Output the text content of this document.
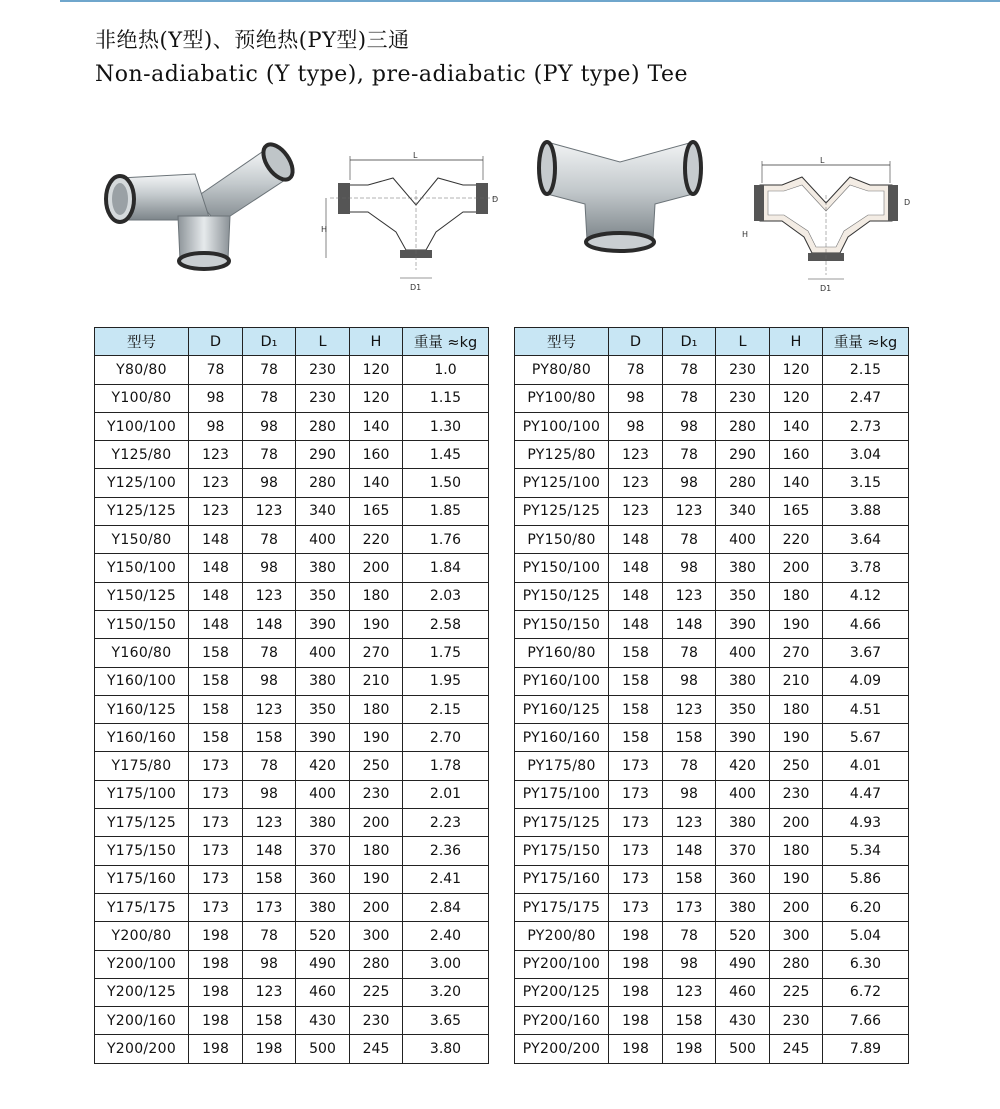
非绝热(Y型)、预绝热(PY型)三通
Non-adiabatic (Y type), pre-adiabatic (PY type) Tee
L
H
D
D1
L
D
H
D1
型号	D	D₁	L	H	重量 ≈kg
Y80/80	78	78	230	120	1.0
Y100/80	98	78	230	120	1.15
Y100/100	98	98	280	140	1.30
Y125/80	123	78	290	160	1.45
Y125/100	123	98	280	140	1.50
Y125/125	123	123	340	165	1.85
Y150/80	148	78	400	220	1.76
Y150/100	148	98	380	200	1.84
Y150/125	148	123	350	180	2.03
Y150/150	148	148	390	190	2.58
Y160/80	158	78	400	270	1.75
Y160/100	158	98	380	210	1.95
Y160/125	158	123	350	180	2.15
Y160/160	158	158	390	190	2.70
Y175/80	173	78	420	250	1.78
Y175/100	173	98	400	230	2.01
Y175/125	173	123	380	200	2.23
Y175/150	173	148	370	180	2.36
Y175/160	173	158	360	190	2.41
Y175/175	173	173	380	200	2.84
Y200/80	198	78	520	300	2.40
Y200/100	198	98	490	280	3.00
Y200/125	198	123	460	225	3.20
Y200/160	198	158	430	230	3.65
Y200/200	198	198	500	245	3.80
型号	D	D₁	L	H	重量 ≈kg
PY80/80	78	78	230	120	2.15
PY100/80	98	78	230	120	2.47
PY100/100	98	98	280	140	2.73
PY125/80	123	78	290	160	3.04
PY125/100	123	98	280	140	3.15
PY125/125	123	123	340	165	3.88
PY150/80	148	78	400	220	3.64
PY150/100	148	98	380	200	3.78
PY150/125	148	123	350	180	4.12
PY150/150	148	148	390	190	4.66
PY160/80	158	78	400	270	3.67
PY160/100	158	98	380	210	4.09
PY160/125	158	123	350	180	4.51
PY160/160	158	158	390	190	5.67
PY175/80	173	78	420	250	4.01
PY175/100	173	98	400	230	4.47
PY175/125	173	123	380	200	4.93
PY175/150	173	148	370	180	5.34
PY175/160	173	158	360	190	5.86
PY175/175	173	173	380	200	6.20
PY200/80	198	78	520	300	5.04
PY200/100	198	98	490	280	6.30
PY200/125	198	123	460	225	6.72
PY200/160	198	158	430	230	7.66
PY200/200	198	198	500	245	7.89
